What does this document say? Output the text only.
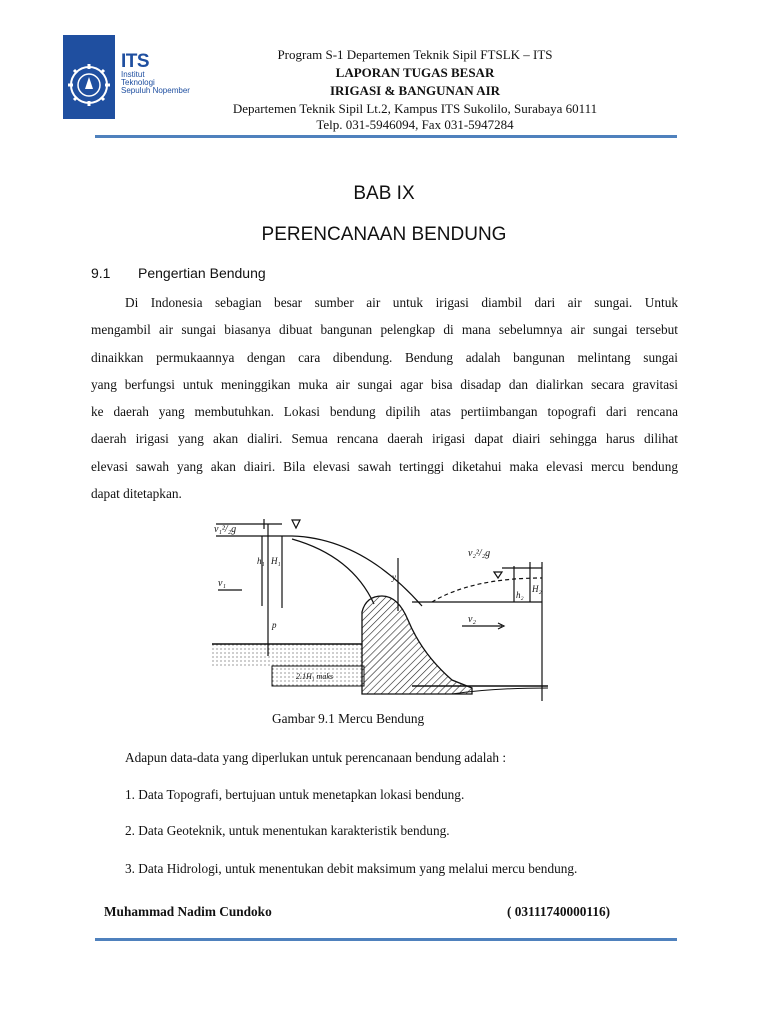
ITS
Institut
Teknologi
Sepuluh Nopember
Program S-1 Departemen Teknik Sipil FTSLK – ITS
LAPORAN TUGAS BESAR
IRIGASI & BANGUNAN AIR
Departemen Teknik Sipil Lt.2, Kampus ITS Sukolilo, Surabaya 60111
Telp. 031-5946094, Fax 031-5947284
BAB IX
PERENCANAAN BENDUNG
9.1 Pengertian Bendung
Di Indonesia sebagian besar sumber air untuk irigasi diambil dari air sungai. Untuk
mengambil air sungai biasanya dibuat bangunan pelengkap di mana sebelumnya air sungai tersebut
dinaikkan permukaannya dengan cara dibendung. Bendung adalah bangunan melintang sungai
yang berfungsi untuk meninggikan muka air sungai agar bisa disadap dan dialirkan secara gravitasi
ke daerah yang membutuhkan. Lokasi bendung dipilih atas pertiimbangan topografi dari rencana
daerah irigasi yang akan dialiri. Semua rencana daerah irigasi dapat diairi sehingga harus dilihat
elevasi sawah yang akan diairi. Bila elevasi sawah tertinggi diketahui maka elevasi mercu bendung
dapat ditetapkan.
v₁²/₂g
h₁ H₁
v₁
p
y
v₂²/₂g
h₂
H₂
v₂
2.1H₁ maks
Gambar 9.1 Mercu Bendung
Adapun data-data yang diperlukan untuk perencanaan bendung adalah :
1. Data Topografi, bertujuan untuk menetapkan lokasi bendung.
2. Data Geoteknik, untuk menentukan karakteristik bendung.
3. Data Hidrologi, untuk menentukan debit maksimum yang melalui mercu bendung.
Muhammad Nadim Cundoko	( 03111740000116)
